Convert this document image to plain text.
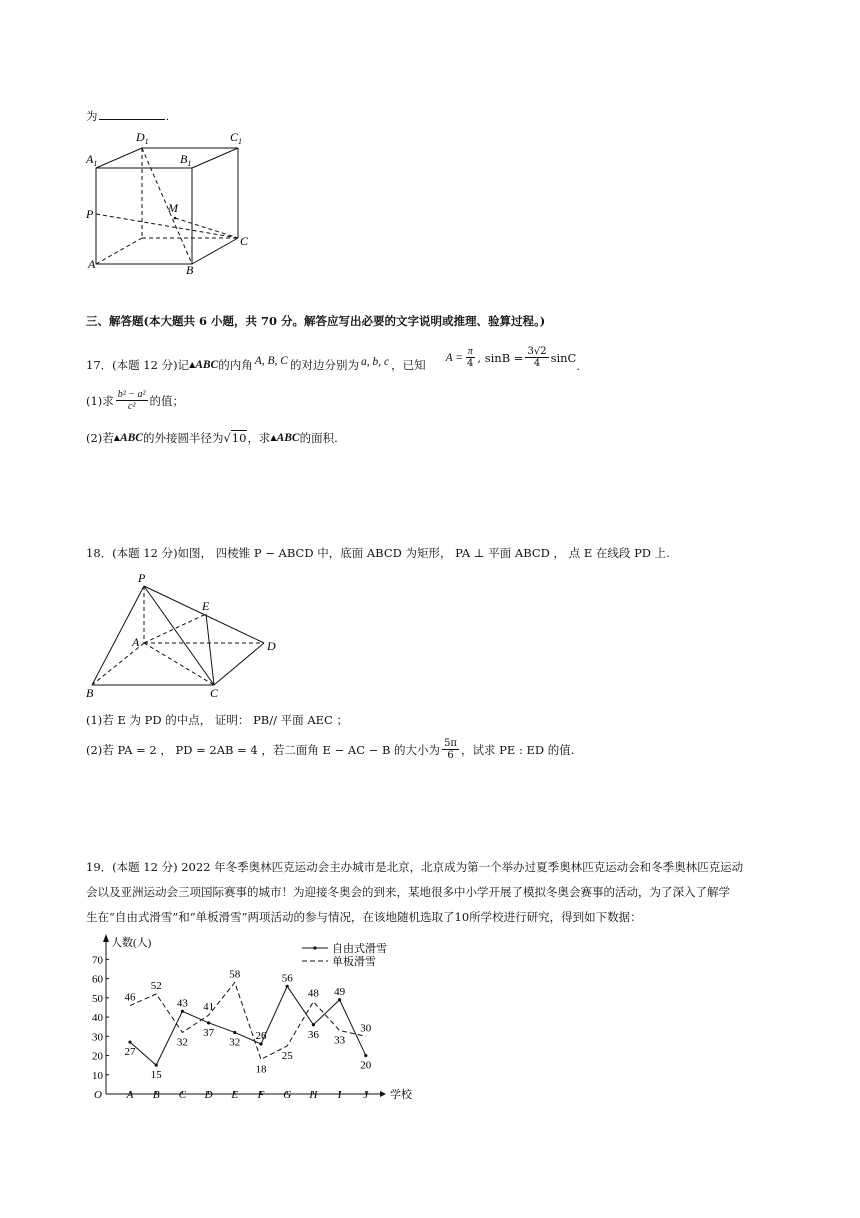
为	.
$A_1$
$D_1$
$B_1$
$C_1$
P	M
C
A	B
三、解答题(本大题共 6 小题，共 70 分。解答应写出必要的文字说明或推理、验算过程。)
17．(本题 12 分)记 ▲ ABC 的内角 A, B, C 的对边分别为 a, b, c ，已知 $A = \frac{\pi}{4}$ , $\sin B = \frac{3√2}{4}$ sinC
.
(1)求 $\frac{\text{b² − a²}}{\text{c²}}$ 的值；
(2)若 ▲ ABC 的外接圆半径为 √10 ，求 ▲ ABC 的面积.
18．(本题 12 分)如图， 四棱锥 P − ABCD 中，底面 ABCD 为矩形， PA ⊥ 平面 ABCD ， 点 E 在线段 PD 上.
P
E
A	D
B	C
(1)若 E 为 PD 的中点， 证明： PB// 平面 AEC ；
(2)若 PA = 2 ， PD = 2AB = 4 ，若二面角 E − AC − B 的大小为 $\frac{5\pi}{6}$ ，试求 PE : ED 的值.
19．(本题 12 分) 2022 年冬季奥林匹克运动会主办城市是北京，北京成为第一个举办过夏季奥林匹克运动会和冬季奥林匹克运动
会以及亚洲运动会三项国际赛事的城市！为迎接冬奥会的到来，某地很多中小学开展了模拟冬奥会赛事的活动，为了深入了解学
生在“自由式滑雪”和“单板滑雪”两项活动的参与情况，在该地随机选取了10所学校进行研究，得到如下数据：
人数(人)
学校
O
10
20
30
40
50
60
70
A B C D E F G H I J
27
15
43
37
32
26
56
36
49
20
46
52
32
41
58
18
25
48
33
30
自由式滑雪
单板滑雪
